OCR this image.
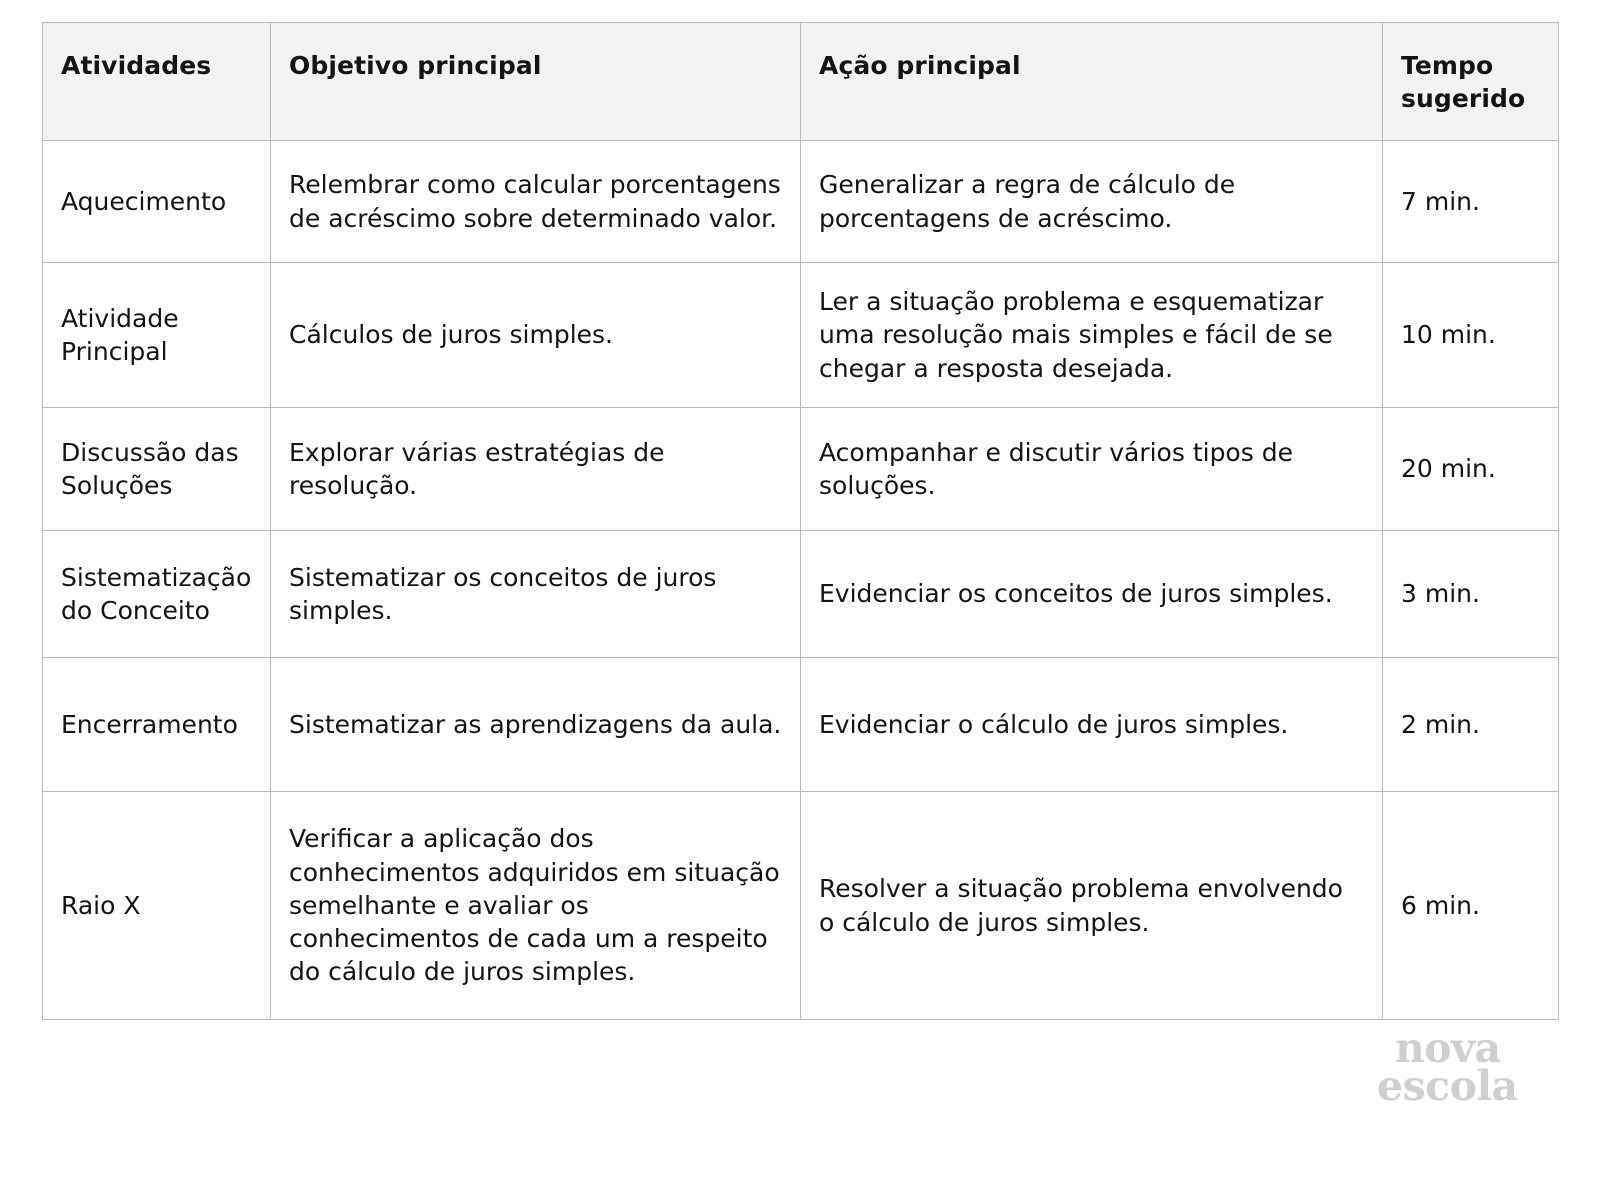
Atividades	Objetivo principal	Ação principal	Tempo sugerido
Aquecimento	Relembrar como calcular porcentagens de acréscimo sobre determinado valor.	Generalizar a regra de cálculo de porcentagens de acréscimo.	7 min.
Atividade Principal	Cálculos de juros simples.	Ler a situação problema e esquematizar uma resolução mais simples e fácil de se chegar a resposta desejada.	10 min.
Discussão das Soluções	Explorar várias estratégias de resolução.	Acompanhar e discutir vários tipos de soluções.	20 min.
Sistematização do Conceito	Sistematizar os conceitos de juros simples.	Evidenciar os conceitos de juros simples.	3 min.
Encerramento	Sistematizar as aprendizagens da aula.	Evidenciar o cálculo de juros simples.	2 min.
Raio X	Verificar a aplicação dos conhecimentos adquiridos em situação semelhante e avaliar os conhecimentos de cada um a respeito do cálculo de juros simples.	Resolver a situação problema envolvendo o cálculo de juros simples.	6 min.
nova
escola
